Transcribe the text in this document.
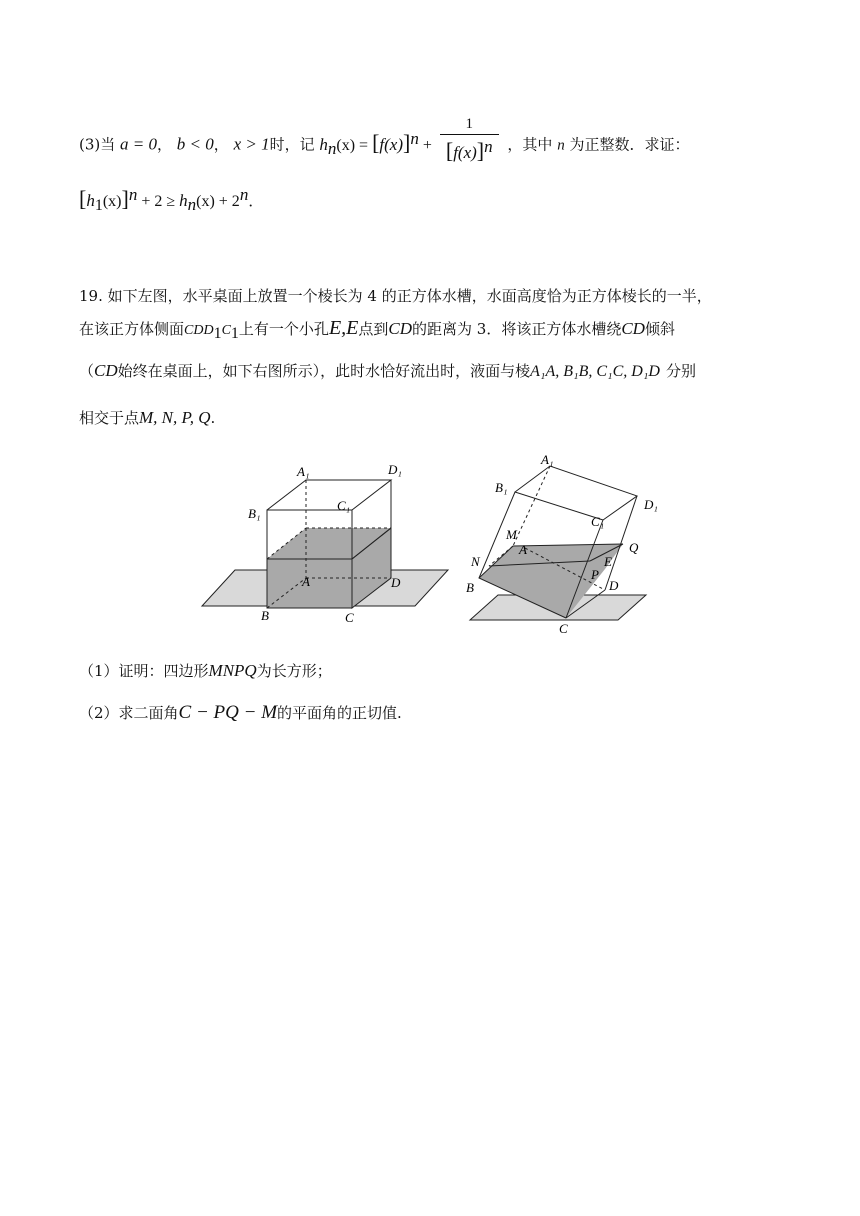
(3)当 a = 0， b < 0， x > 1时，记 $h_n(x) = [f(x)]^n + \frac{1}{[f(x)]^n}$ ，其中 n 为正整数．求证：
$[h_1(x)]^n + 2 \ge h_n(x) + 2^n$．
19. 如下左图，水平桌面上放置一个棱长为 4 的正方体水槽，水面高度恰为正方体棱长的一半，
在该正方体侧面$CDD_1C_1$上有一个小孔E,E点到CD的距离为 3．将该正方体水槽绕CD倾斜
（CD始终在桌面上，如下右图所示），此时水恰好流出时，液面与棱A₁A, B₁B, C₁C, D₁D 分别
相交于点M, N, P, Q.
A₁	D₁
B₁
C₁
A	D
B	C
A₁
B₁
D₁
C₁
M
A	Q
N	E
P
D
B
C
（1）证明：四边形MNPQ为长方形；
（2）求二面角C − PQ − M的平面角的正切值.
